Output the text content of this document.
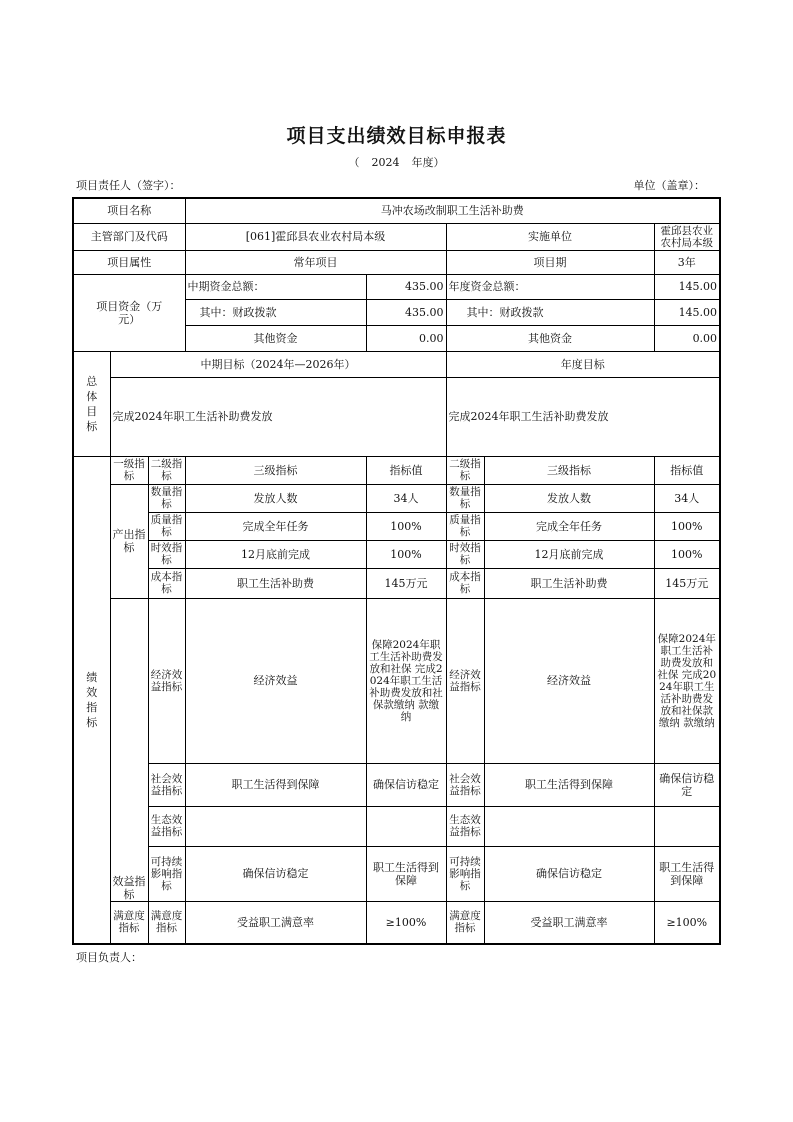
项目支出绩效目标申报表
（ 2024 年度）
项目责任人（签字）：	单位（盖章）：
项目名称			马冲农场改制职工生活补助费				
主管部门及代码			[061]霍邱县农业农村局本级		实施单位		霍邱县农业农村局本级
项目属性			常年项目		项目期		3年
项目资金（万元）			中期资金总额：	435.00	年度资金总额：		145.00
			其中：财政拨款	435.00	其中：财政拨款		145.00
			其他资金	0.00	其他资金		0.00
总体目标	中期目标（2024年—2026年）				年度目标		
	完成2024年职工生活补助费发放				完成2024年职工生活补助费发放		
绩效指标	一级指标	二级指标	三级指标	指标值	二级指标	三级指标	指标值
	产出指标	数量指标	发放人数	34人	数量指标	发放人数	34人
		质量指标	完成全年任务	100%	质量指标	完成全年任务	100%
		时效指标	12月底前完成	100%	时效指标	12月底前完成	100%
		成本指标	职工生活补助费	145万元	成本指标	职工生活补助费	145万元
	效益指标	经济效益指标	经济效益	保障2024年职工生活补助费发放和社保 完成2024年职工生活补助费发放和社保款缴纳 款缴纳	经济效益指标	经济效益	保障2024年职工生活补助费发放和社保 完成2024年职工生活补助费发放和社保款缴纳 款缴纳
		社会效益指标	职工生活得到保障	确保信访稳定	社会效益指标	职工生活得到保障	确保信访稳定
		生态效益指标			生态效益指标		
		可持续影响指标	确保信访稳定	职工生活得到保障	可持续影响指标	确保信访稳定	职工生活得到保障
	满意度指标	满意度指标	受益职工满意率	≥100%	满意度指标	受益职工满意率	≥100%
项目负责人：
